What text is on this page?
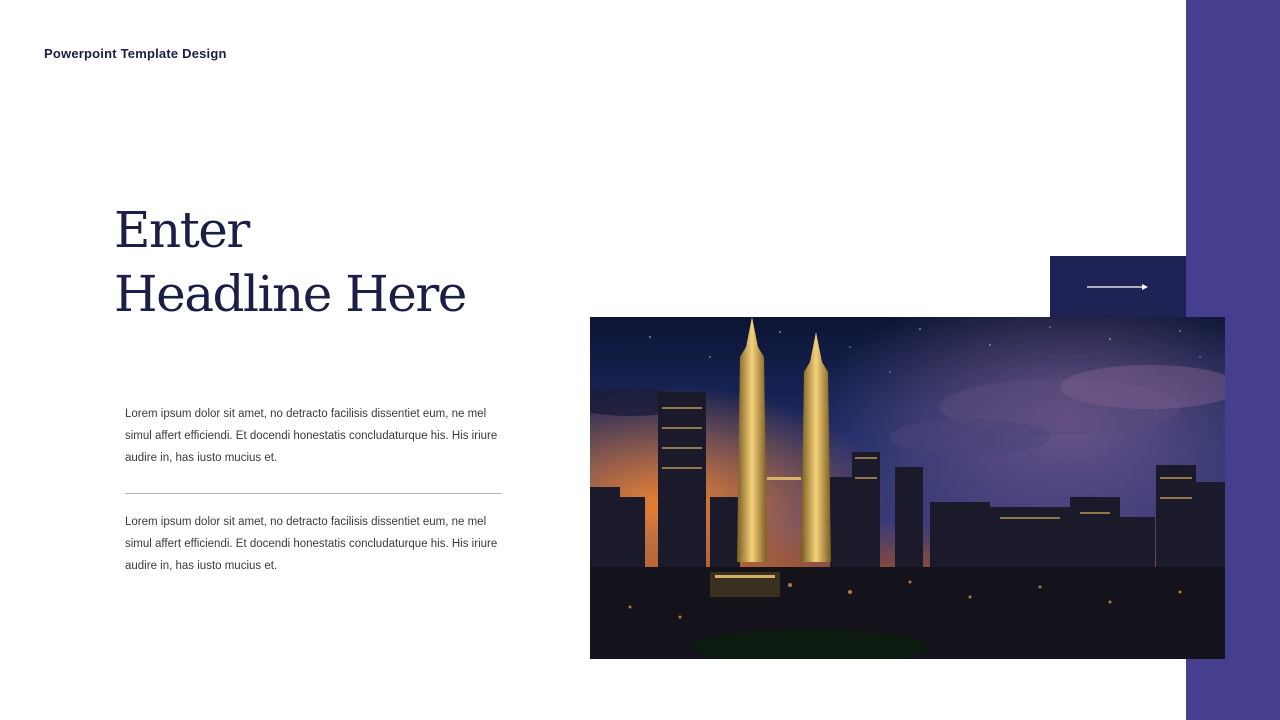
Powerpoint Template Design
Enter
Headline Here

Lorem ipsum dolor sit amet, no detracto facilisis dissentiet eum, ne mel simul affert efficiendi. Et docendi honestatis concludaturque his. His iriure audire in, has iusto mucius et.

Lorem ipsum dolor sit amet, no detracto facilisis dissentiet eum, ne mel simul affert efficiendi. Et docendi honestatis concludaturque his. His iriure audire in, has iusto mucius et.
